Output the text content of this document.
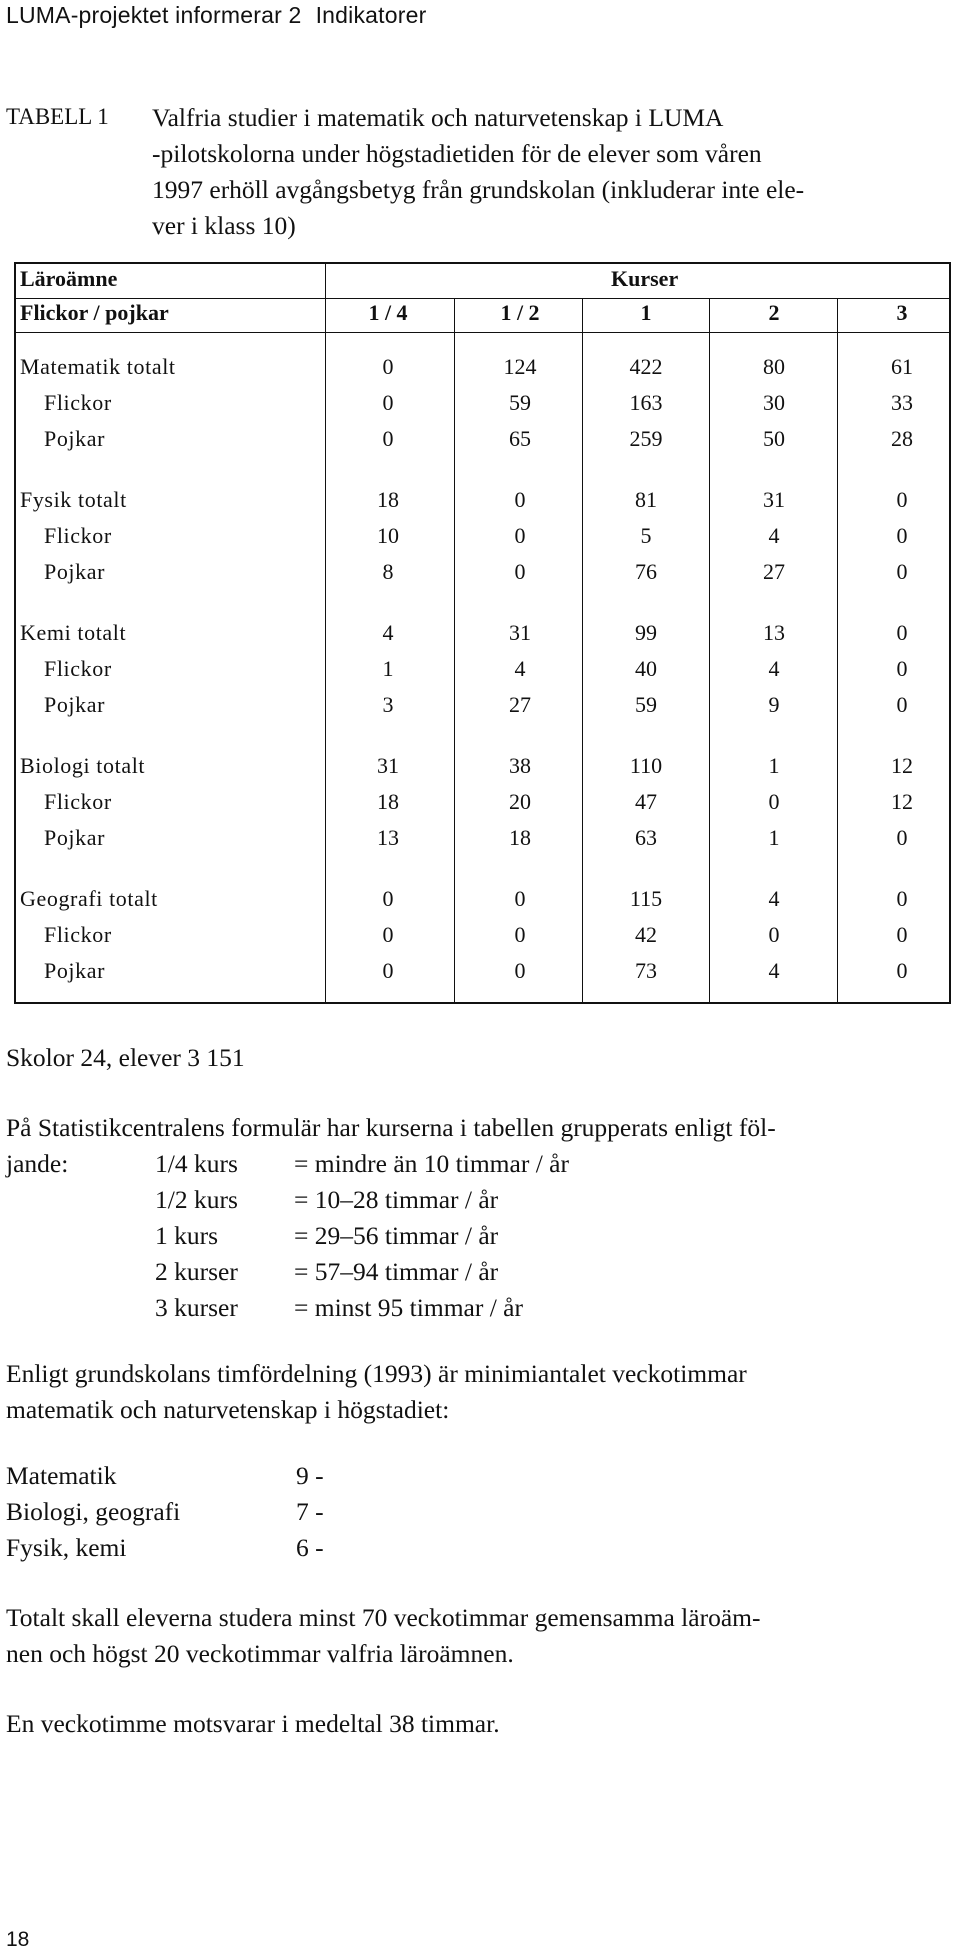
LUMA-projektet informerar 2 Indikatorer
TABELL 1 Valfria studier i matematik och naturvetenskap i LUMA
-pilotskolorna under högstadietiden för de elever som våren
1997 erhöll avgångsbetyg från grundskolan (inkluderar inte ele-
ver i klass 10)
Läroämne	Kurser
Flickor / pojkar	1 / 4	1 / 2	1	2	3
Matematik totalt	0	124	422	80	61
Flickor	0	59	163	30	33
Pojkar	0	65	259	50	28
Fysik totalt	18	0	81	31	0
Flickor	10	0	5	4	0
Pojkar	8	0	76	27	0
Kemi totalt	4	31	99	13	0
Flickor	1	4	40	4	0
Pojkar	3	27	59	9	0
Biologi totalt	31	38	110	1	12
Flickor	18	20	47	0	12
Pojkar	13	18	63	1	0
Geografi totalt	0	0	115	4	0
Flickor	0	0	42	0	0
Pojkar	0	0	73	4	0
Skolor 24, elever 3 151
På Statistikcentralens formulär har kurserna i tabellen grupperats enligt föl-
jande:	1/4 kurs = mindre än 10 timmar / år
1/2 kurs = 10–28 timmar / år
1 kurs	= 29–56 timmar / år
2 kurser = 57–94 timmar / år
3 kurser = minst 95 timmar / år
Enligt grundskolans timfördelning (1993) är minimiantalet veckotimmar
matematik och naturvetenskap i högstadiet:
Matematik	9 -
Biologi, geografi	7 -
Fysik, kemi	6 -
Totalt skall eleverna studera minst 70 veckotimmar gemensamma läroäm-
nen och högst 20 veckotimmar valfria läroämnen.
En veckotimme motsvarar i medeltal 38 timmar.
18
